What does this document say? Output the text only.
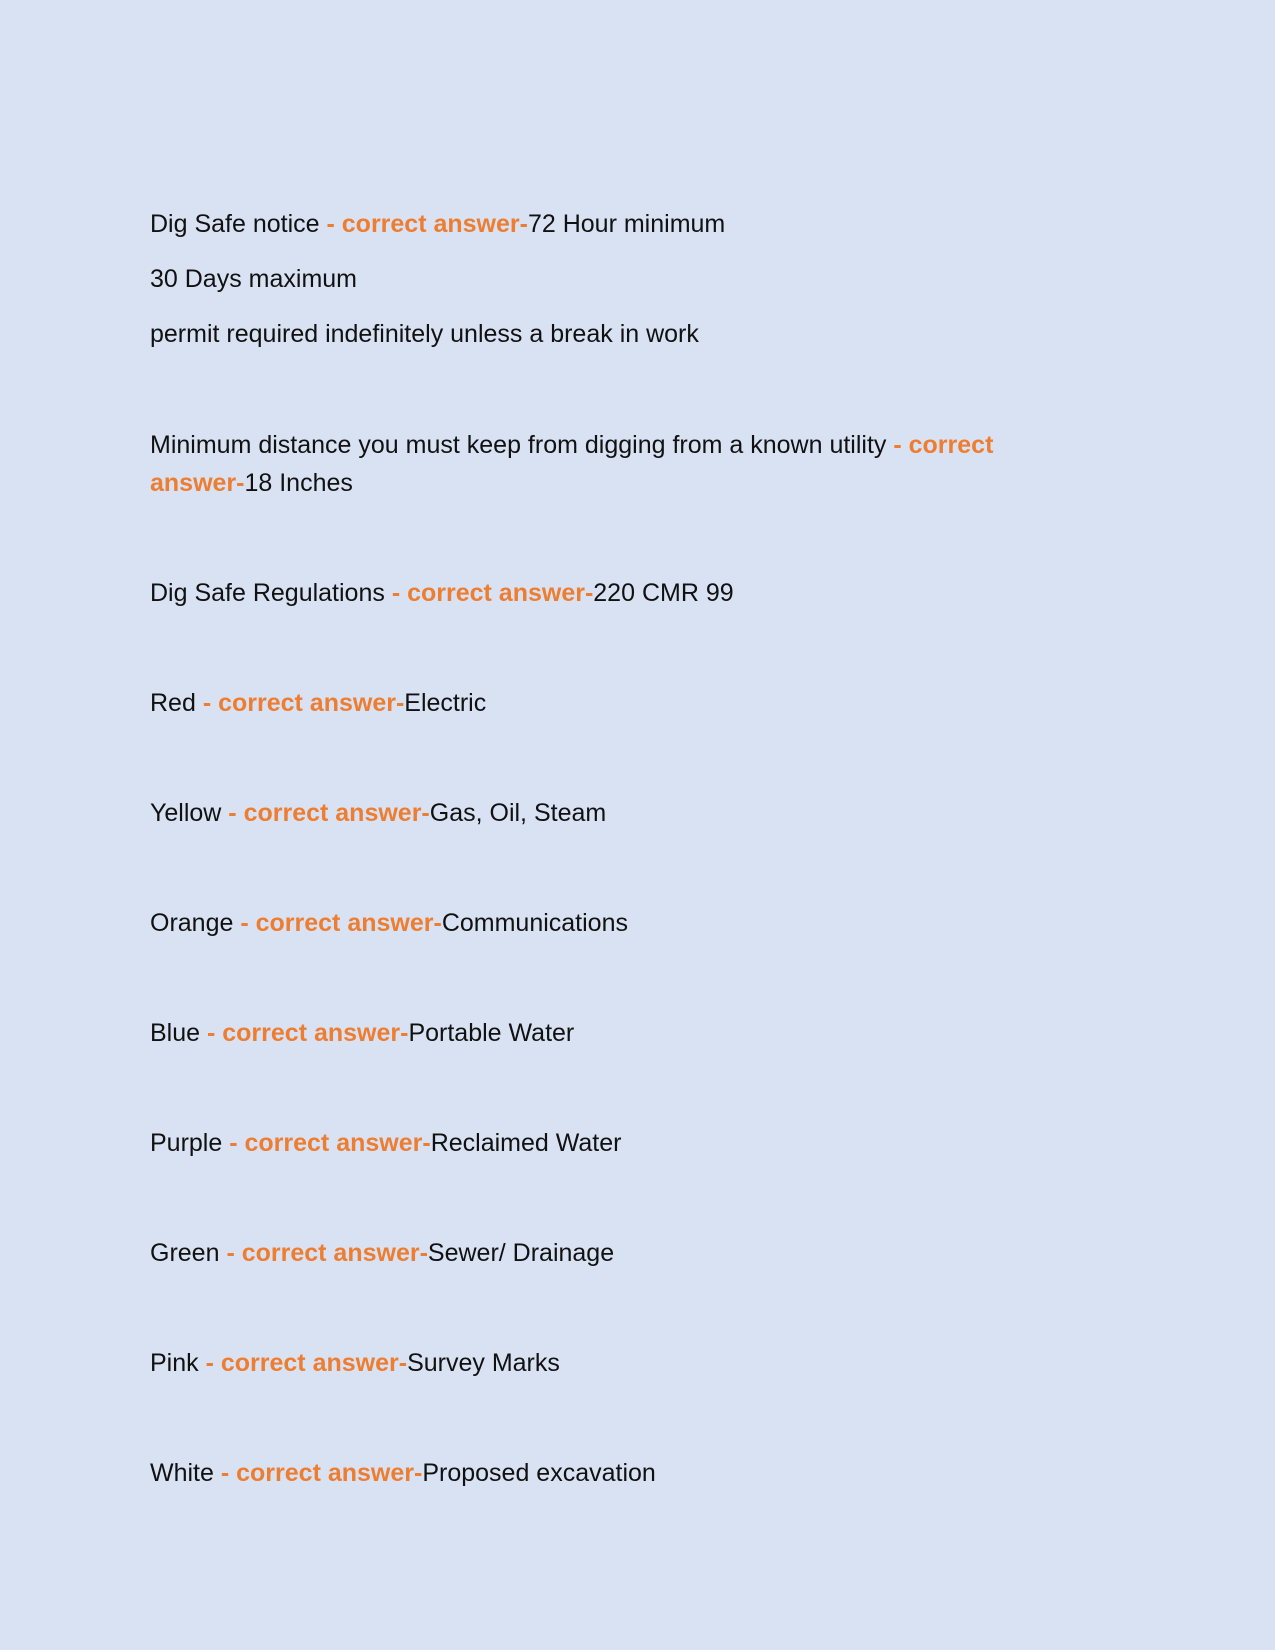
Dig Safe notice - correct answer-72 Hour minimum
30 Days maximum
permit required indefinitely unless a break in work
Minimum distance you must keep from digging from a known utility - correct answer-18 Inches
Dig Safe Regulations - correct answer-220 CMR 99
Red - correct answer-Electric
Yellow - correct answer-Gas, Oil, Steam
Orange - correct answer-Communications
Blue - correct answer-Portable Water
Purple - correct answer-Reclaimed Water
Green - correct answer-Sewer/ Drainage
Pink - correct answer-Survey Marks
White - correct answer-Proposed excavation
